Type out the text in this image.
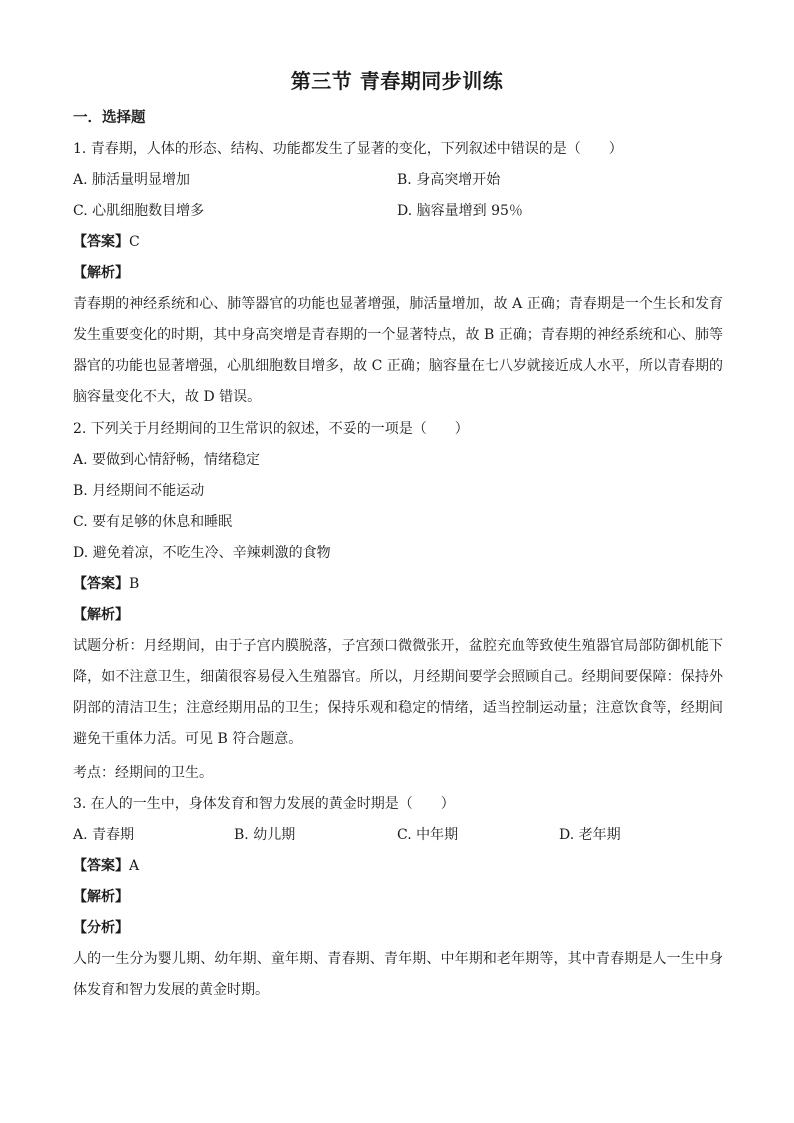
第三节 青春期同步训练
一．选择题
1. 青春期，人体的形态、结构、功能都发生了显著的变化，下列叙述中错误的是（　　）
A. 肺活量明显增加	B. 身高突增开始
C. 心肌细胞数目增多	D. 脑容量增到 95％
【答案】C
【解析】
青春期的神经系统和心、肺等器官的功能也显著增强，肺活量增加，故 A 正确；青春期是一个生长和发育发生重要变化的时期，其中身高突增是青春期的一个显著特点，故 B 正确；青春期的神经系统和心、肺等器官的功能也显著增强，心肌细胞数目增多，故 C 正确；脑容量在七八岁就接近成人水平，所以青春期的脑容量变化不大，故 D 错误。
2. 下列关于月经期间的卫生常识的叙述，不妥的一项是（　　）
A. 要做到心情舒畅，情绪稳定
B. 月经期间不能运动
C. 要有足够的休息和睡眠
D. 避免着凉，不吃生冷、辛辣刺激的食物
【答案】B
【解析】
试题分析：月经期间，由于子宫内膜脱落，子宫颈口微微张开，盆腔充血等致使生殖器官局部防御机能下降，如不注意卫生，细菌很容易侵入生殖器官。所以，月经期间要学会照顾自己。经期间要保障：保持外阴部的清洁卫生；注意经期用品的卫生；保持乐观和稳定的情绪，适当控制运动量；注意饮食等，经期间避免干重体力活。可见 B 符合题意。
考点：经期间的卫生。
3. 在人的一生中，身体发育和智力发展的黄金时期是（　　）
A. 青春期	B. 幼儿期	C. 中年期	D. 老年期
【答案】A
【解析】
【分析】
人的一生分为婴儿期、幼年期、童年期、青春期、青年期、中年期和老年期等，其中青春期是人一生中身体发育和智力发展的黄金时期。
